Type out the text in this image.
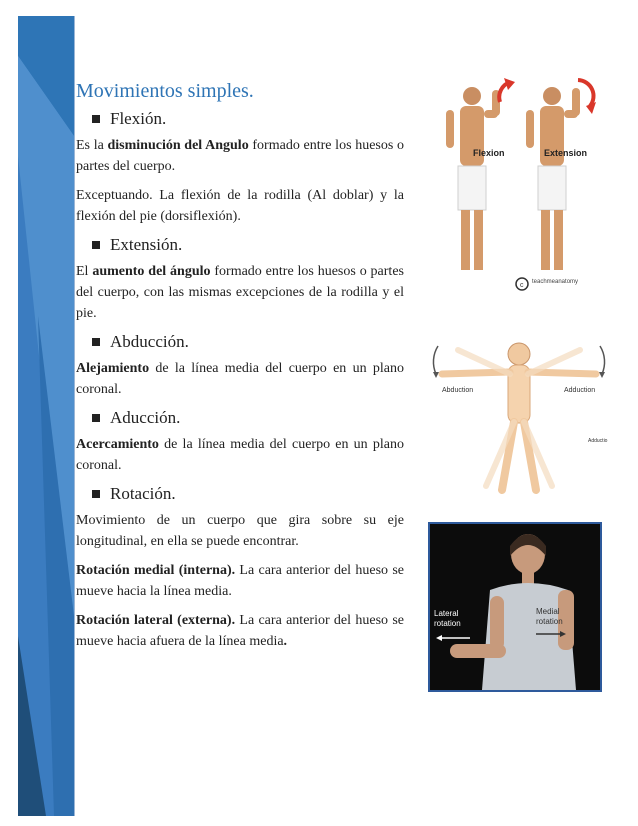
Movimientos simples.
Flexión.

Es la disminución del Angulo formado entre los huesos o partes del cuerpo.

Exceptuando. La flexión de la rodilla (Al doblar) y la flexión del pie (dorsiflexión).

Extensión.

El aumento del ángulo formado entre los huesos o partes del cuerpo, con las mismas excepciones de la rodilla y el pie.

Abducción.

Alejamiento de la línea media del cuerpo en un plano coronal.

Aducción.

Acercamiento de la línea media del cuerpo en un plano coronal.

Rotación.

Movimiento de un cuerpo que gira sobre su eje longitudinal, en ella se puede encontrar.

Rotación medial (interna). La cara anterior del hueso se mueve hacia la línea media.

Rotación lateral (externa). La cara anterior del hueso se mueve hacia afuera de la línea media.

Flexion	Extension
c teachmeanatomy
Abduction	Adduction
Adductio
Lateral
rotation
Medial
rotation
